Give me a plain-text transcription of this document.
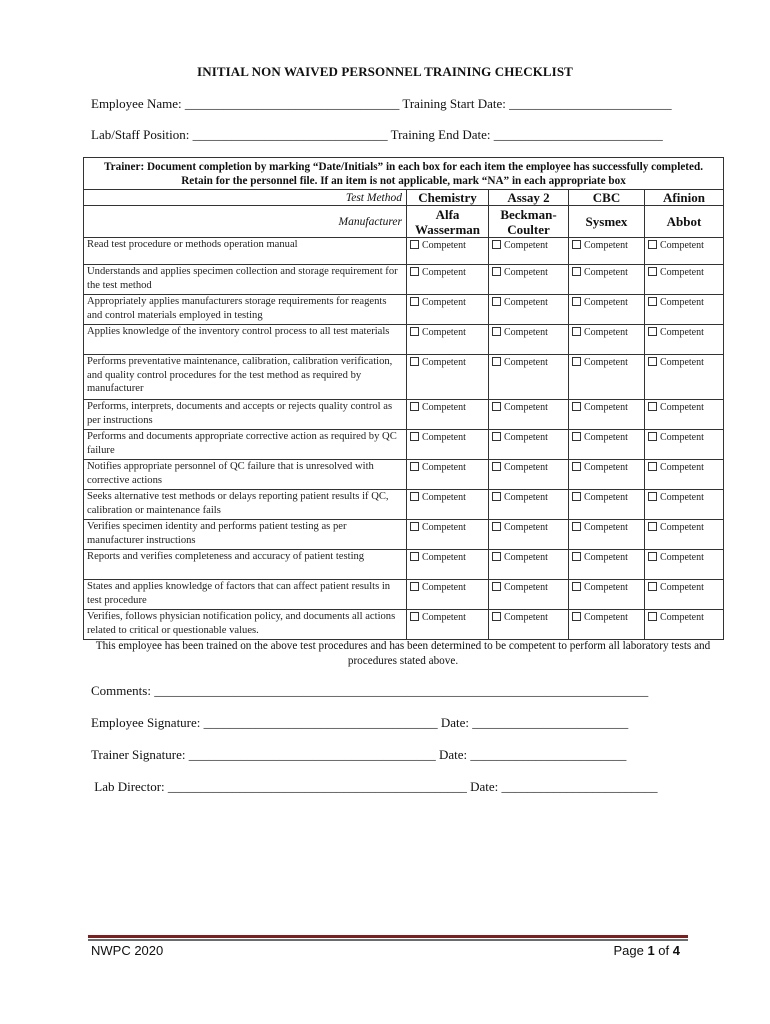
INITIAL NON WAIVED PERSONNEL TRAINING CHECKLIST
Employee Name: _________________________________ Training Start Date: _________________________
Lab/Staff Position: ______________________________ Training End Date: __________________________
Trainer: Document completion by marking “Date/Initials” in each box for each item the employee has successfully completed. Retain for the personnel file. If an item is not applicable, mark “NA” in each appropriate box				
Test Method	Chemistry	Assay 2	CBC	Afinion
Manufacturer	Alfa Wasserman	Beckman-Coulter	Sysmex	Abbot
Read test procedure or methods operation manual	Competent	Competent	Competent	Competent
Understands and applies specimen collection and storage requirement for the test method	Competent	Competent	Competent	Competent
Appropriately applies manufacturers storage requirements for reagents and control materials employed in testing	Competent	Competent	Competent	Competent
Applies knowledge of the inventory control process to all test materials	Competent	Competent	Competent	Competent
Performs preventative maintenance, calibration, calibration verification, and quality control procedures for the test method as required by manufacturer	Competent	Competent	Competent	Competent
Performs, interprets, documents and accepts or rejects quality control as per instructions	Competent	Competent	Competent	Competent
Performs and documents appropriate corrective action as required by QC failure	Competent	Competent	Competent	Competent
Notifies appropriate personnel of QC failure that is unresolved with corrective actions	Competent	Competent	Competent	Competent
Seeks alternative test methods or delays reporting patient results if QC, calibration or maintenance fails	Competent	Competent	Competent	Competent
Verifies specimen identity and performs patient testing as per manufacturer instructions	Competent	Competent	Competent	Competent
Reports and verifies completeness and accuracy of patient testing	Competent	Competent	Competent	Competent
States and applies knowledge of factors that can affect patient results in test procedure	Competent	Competent	Competent	Competent
Verifies, follows physician notification policy, and documents all actions related to critical or questionable values.	Competent	Competent	Competent	Competent
This employee has been trained on the above test procedures and has been determined to be competent to perform all laboratory tests and procedures stated above.
Comments: ____________________________________________________________________________
Employee Signature: ____________________________________ Date: ________________________
Trainer Signature: ______________________________________ Date: ________________________
Lab Director: ______________________________________________ Date: ________________________
NWPC 2020	Page 1 of 4
